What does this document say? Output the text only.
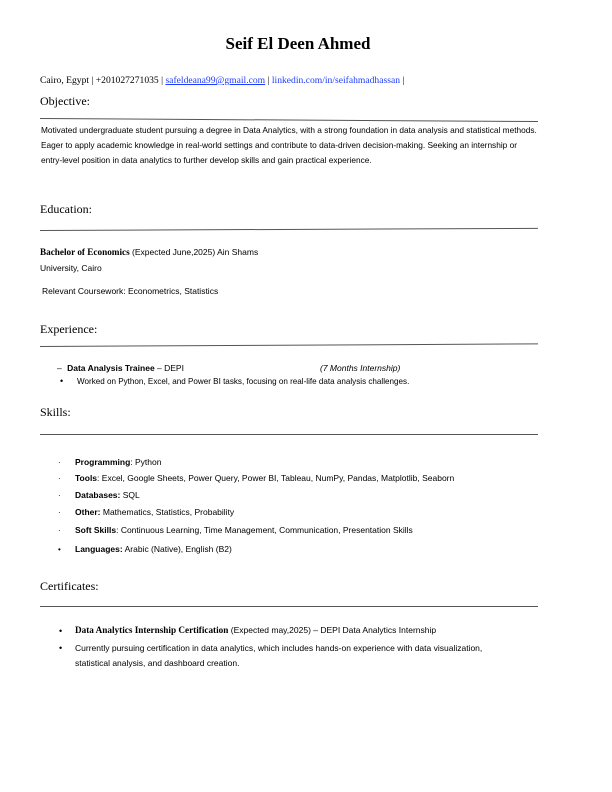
Seif El Deen Ahmed
Cairo, Egypt | +201027271035 | safeldeana99@gmail.com | linkedin.com/in/seifahmadhassan |
Objective:
Motivated undergraduate student pursuing a degree in Data Analytics, with a strong foundation in data analysis and statistical methods. Eager to apply academic knowledge in real-world settings and contribute to data-driven decision-making. Seeking an internship or entry-level position in data analytics to further develop skills and gain practical experience.
Education:
Bachelor of Economics (Expected June,2025) Ain Shams
University, Cairo
Relevant Coursework: Econometrics, Statistics
Experience:
– Data Analysis Trainee – DEPI	(7 Months Internship)
• Worked on Python, Excel, and Power BI tasks, focusing on real-life data analysis challenges.
Skills:
· Programming: Python
· Tools: Excel, Google Sheets, Power Query, Power BI, Tableau, NumPy, Pandas, Matplotlib, Seaborn
· Databases: SQL
· Other: Mathematics, Statistics, Probability
· Soft Skills: Continuous Learning, Time Management, Communication, Presentation Skills
• Languages: Arabic (Native), English (B2)
Certificates:
• Data Analytics Internship Certification (Expected may,2025) – DEPI Data Analytics Internship
• Currently pursuing certification in data analytics, which includes hands-on experience with data visualization, statistical analysis, and dashboard creation.
